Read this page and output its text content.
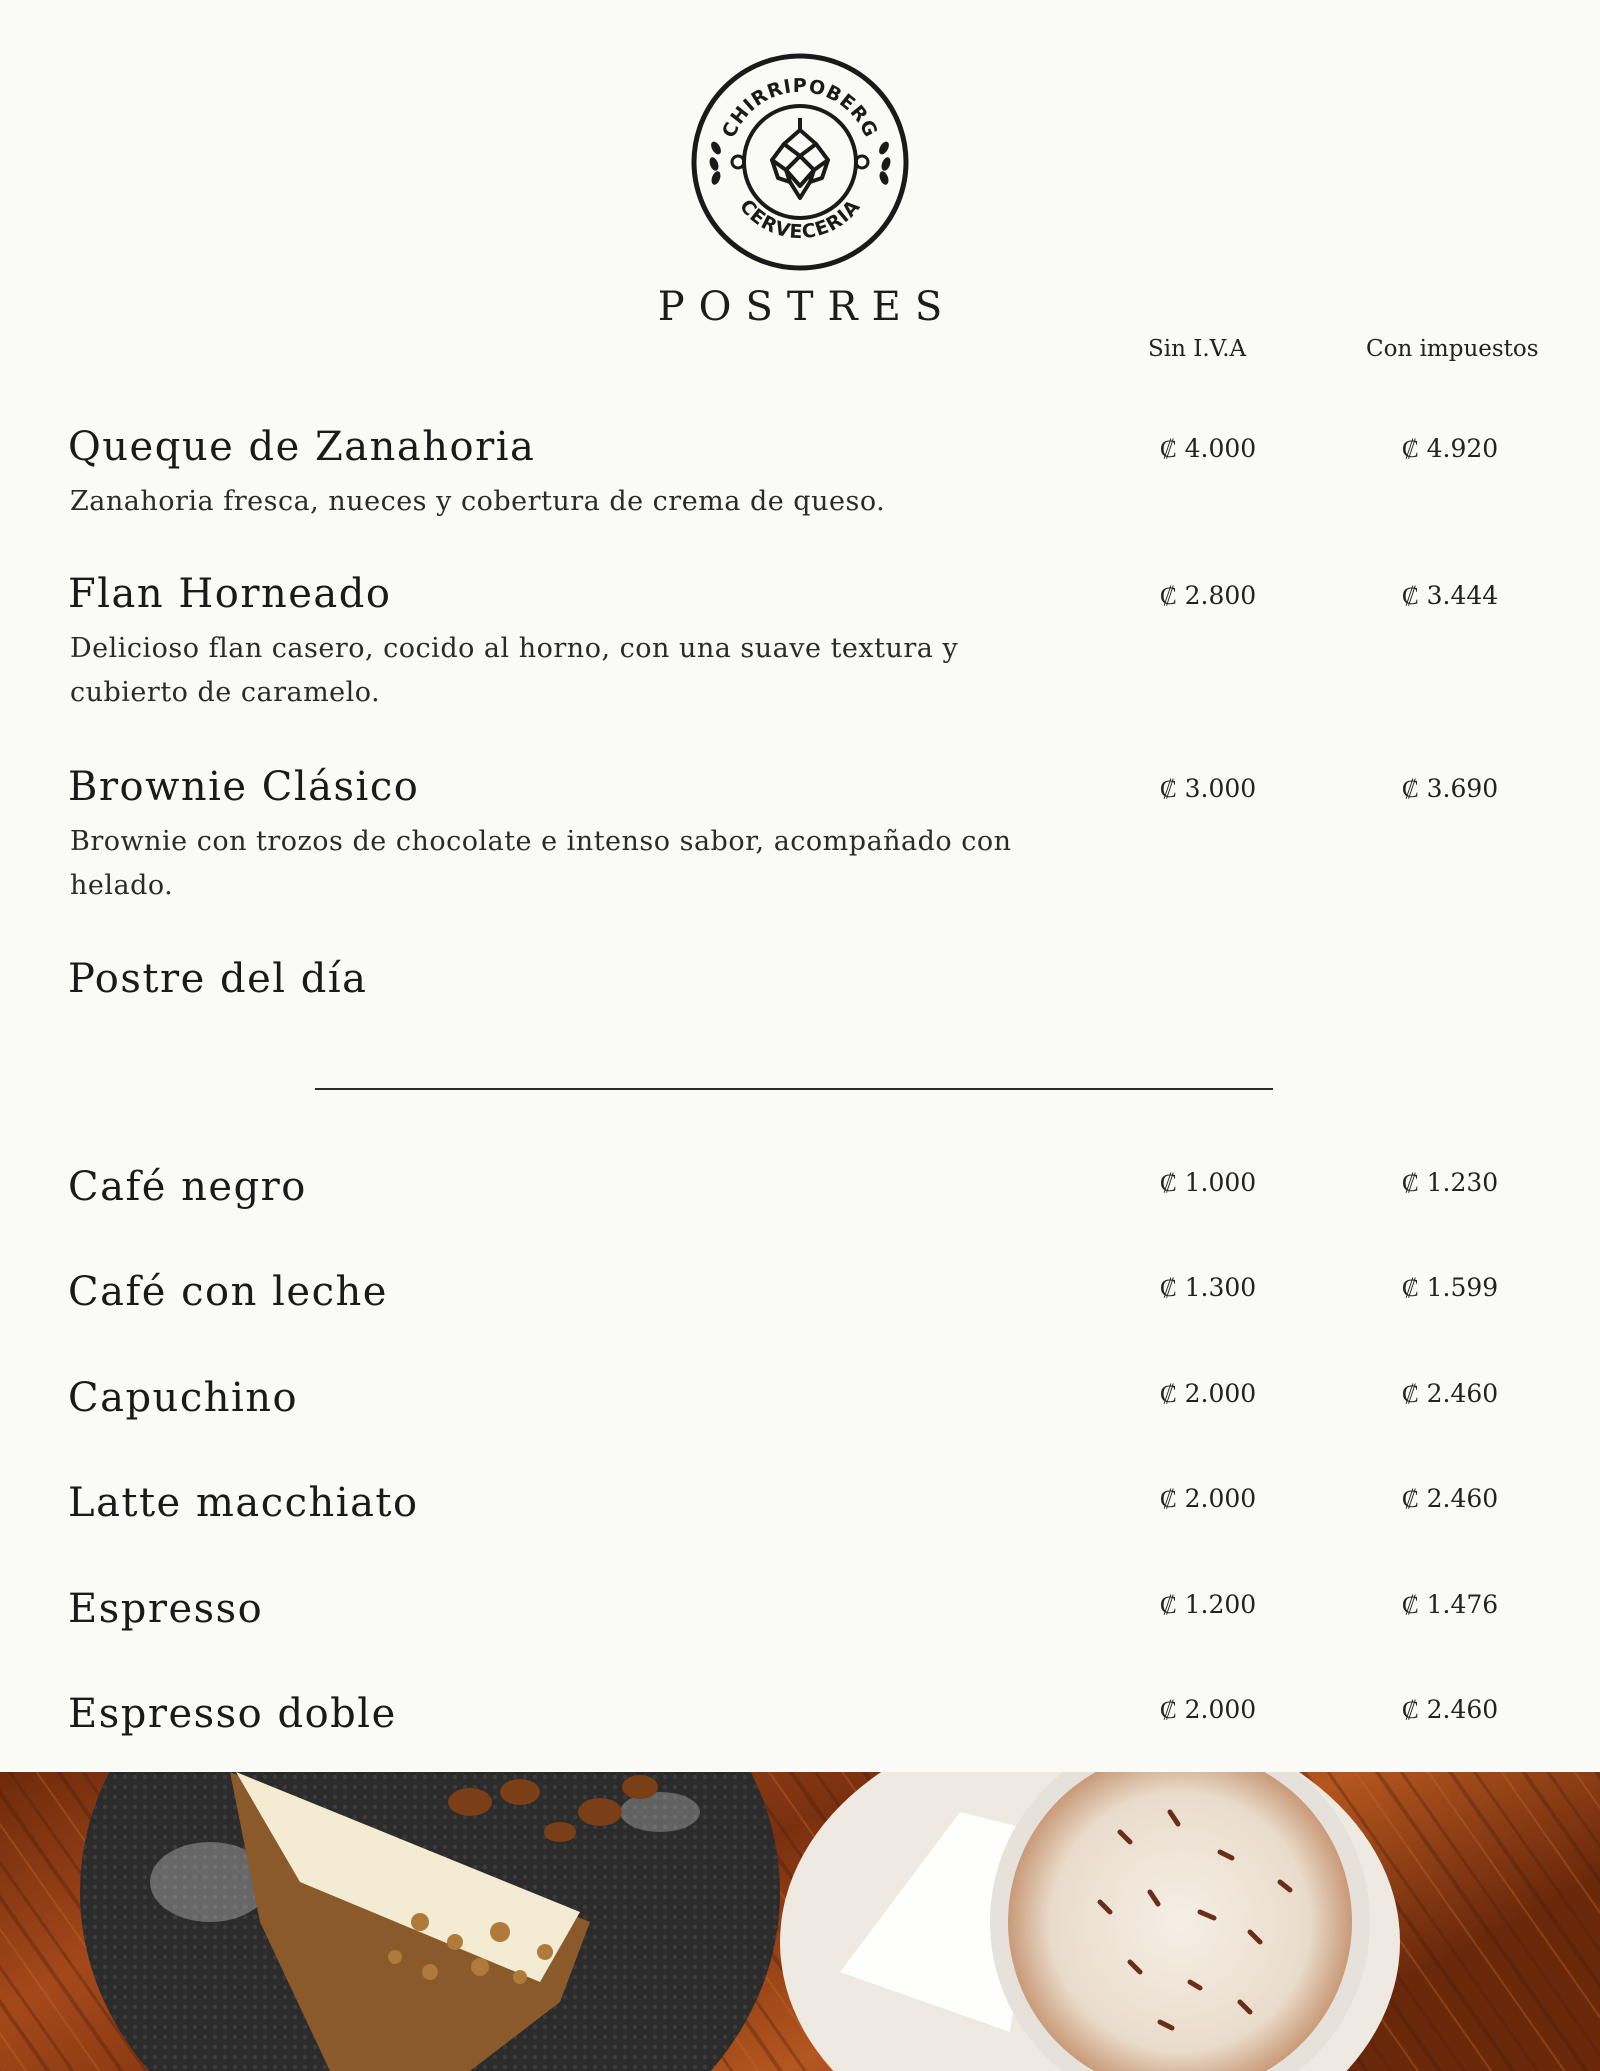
CHIRRIPOBERG
CERVECERIA
POSTRES
Sin I.V.A	Con impuestos
Queque de Zanahoria	₡ 4.000	₡ 4.920
Zanahoria fresca, nueces y cobertura de crema de queso.
Flan Horneado	₡ 2.800	₡ 3.444
Delicioso flan casero, cocido al horno, con una suave textura y cubierto de caramelo.
Brownie Clásico	₡ 3.000	₡ 3.690
Brownie con trozos de chocolate e intenso sabor, acompañado con helado.
Postre del día
Café negro	₡ 1.000	₡ 1.230
Café con leche	₡ 1.300	₡ 1.599
Capuchino	₡ 2.000	₡ 2.460
Latte macchiato	₡ 2.000	₡ 2.460
Espresso	₡ 1.200	₡ 1.476
Espresso doble	₡ 2.000	₡ 2.460
